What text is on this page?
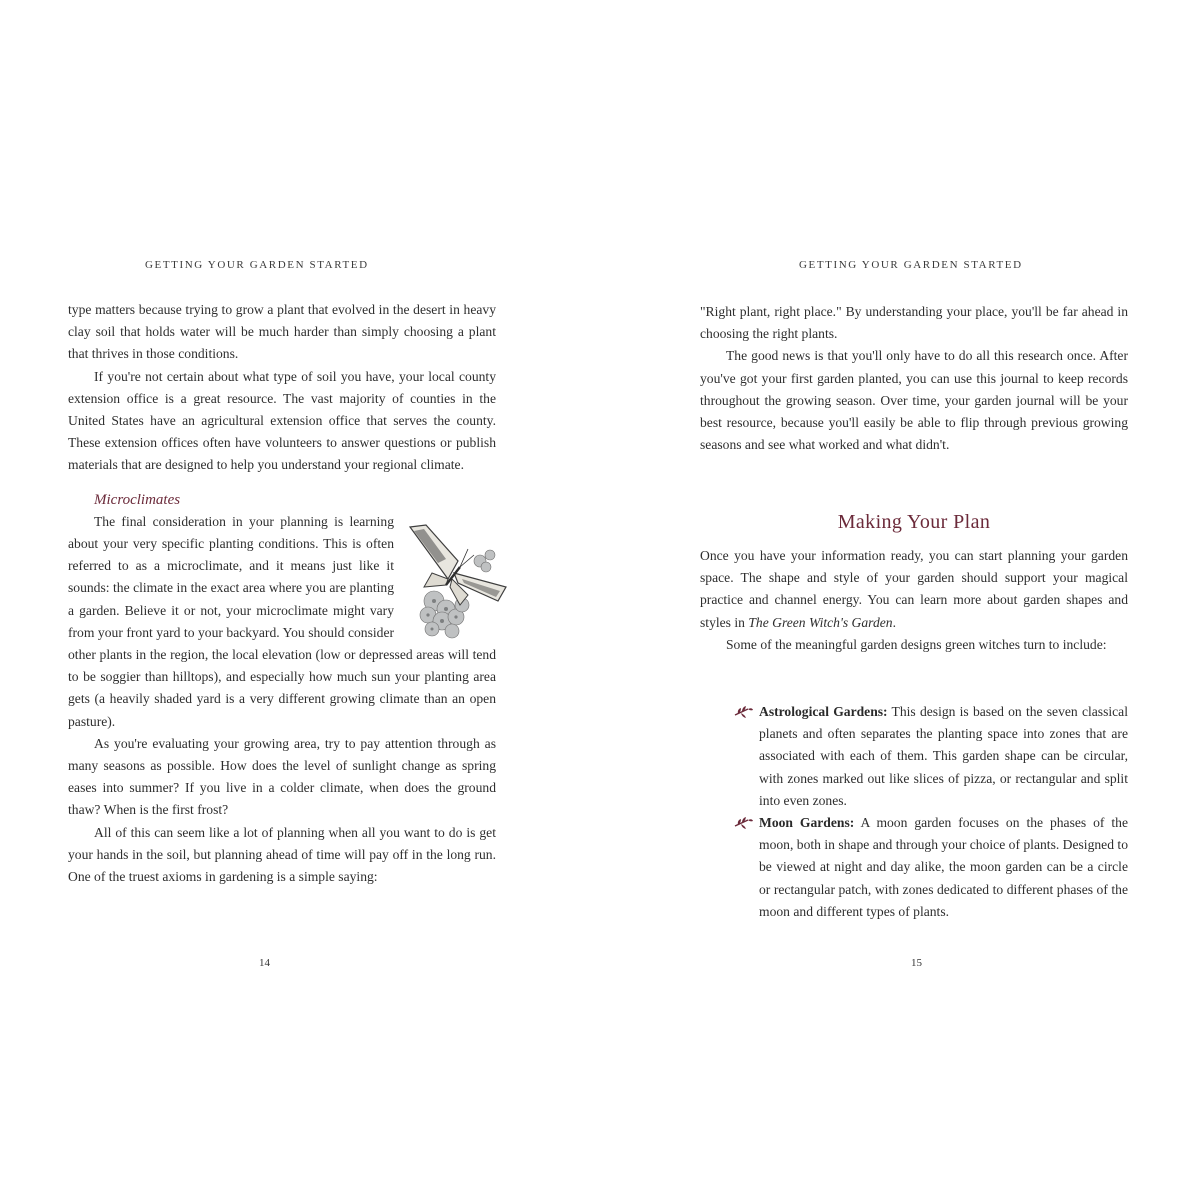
GETTING YOUR GARDEN STARTED

type matters because trying to grow a plant that evolved in the desert in heavy clay soil that holds water will be much harder than simply choosing a plant that thrives in those conditions.

If you're not certain about what type of soil you have, your local county extension office is a great resource. The vast majority of counties in the United States have an agricultural extension office that serves the county. These extension offices often have volunteers to answer questions or publish materials that are designed to help you understand your regional climate.

Microclimates

The final consideration in your planning is learning about your very specific planting conditions. This is often referred to as a microclimate, and it means just like it sounds: the climate in the exact area where you are planting a garden. Believe it or not, your microclimate might vary from your front yard to your backyard. You should consider other plants in the region, the local elevation (low or depressed areas will tend to be soggier than hilltops), and especially how much sun your planting area gets (a heavily shaded yard is a very different growing climate than an open pasture).

As you're evaluating your growing area, try to pay attention through as many seasons as possible. How does the level of sunlight change as spring eases into summer? If you live in a colder climate, when does the ground thaw? When is the first frost?

All of this can seem like a lot of planning when all you want to do is get your hands in the soil, but planning ahead of time will pay off in the long run. One of the truest axioms in gardening is a simple saying:

14
GETTING YOUR GARDEN STARTED

"Right plant, right place." By understanding your place, you'll be far ahead in choosing the right plants.

The good news is that you'll only have to do all this research once. After you've got your first garden planted, you can use this journal to keep records throughout the growing season. Over time, your garden journal will be your best resource, because you'll easily be able to flip through previous growing seasons and see what worked and what didn't.

Making Your Plan

Once you have your information ready, you can start planning your garden space. The shape and style of your garden should support your magical practice and channel energy. You can learn more about garden shapes and styles in The Green Witch's Garden.

Some of the meaningful garden designs green witches turn to include:

Astrological Gardens: This design is based on the seven classical planets and often separates the planting space into zones that are associated with each of them. This garden shape can be circular, with zones marked out like slices of pizza, or rectangular and split into even zones.
Moon Gardens: A moon garden focuses on the phases of the moon, both in shape and through your choice of plants. Designed to be viewed at night and day alike, the moon garden can be a circle or rectangular patch, with zones dedicated to different phases of the moon and different types of plants.
15
